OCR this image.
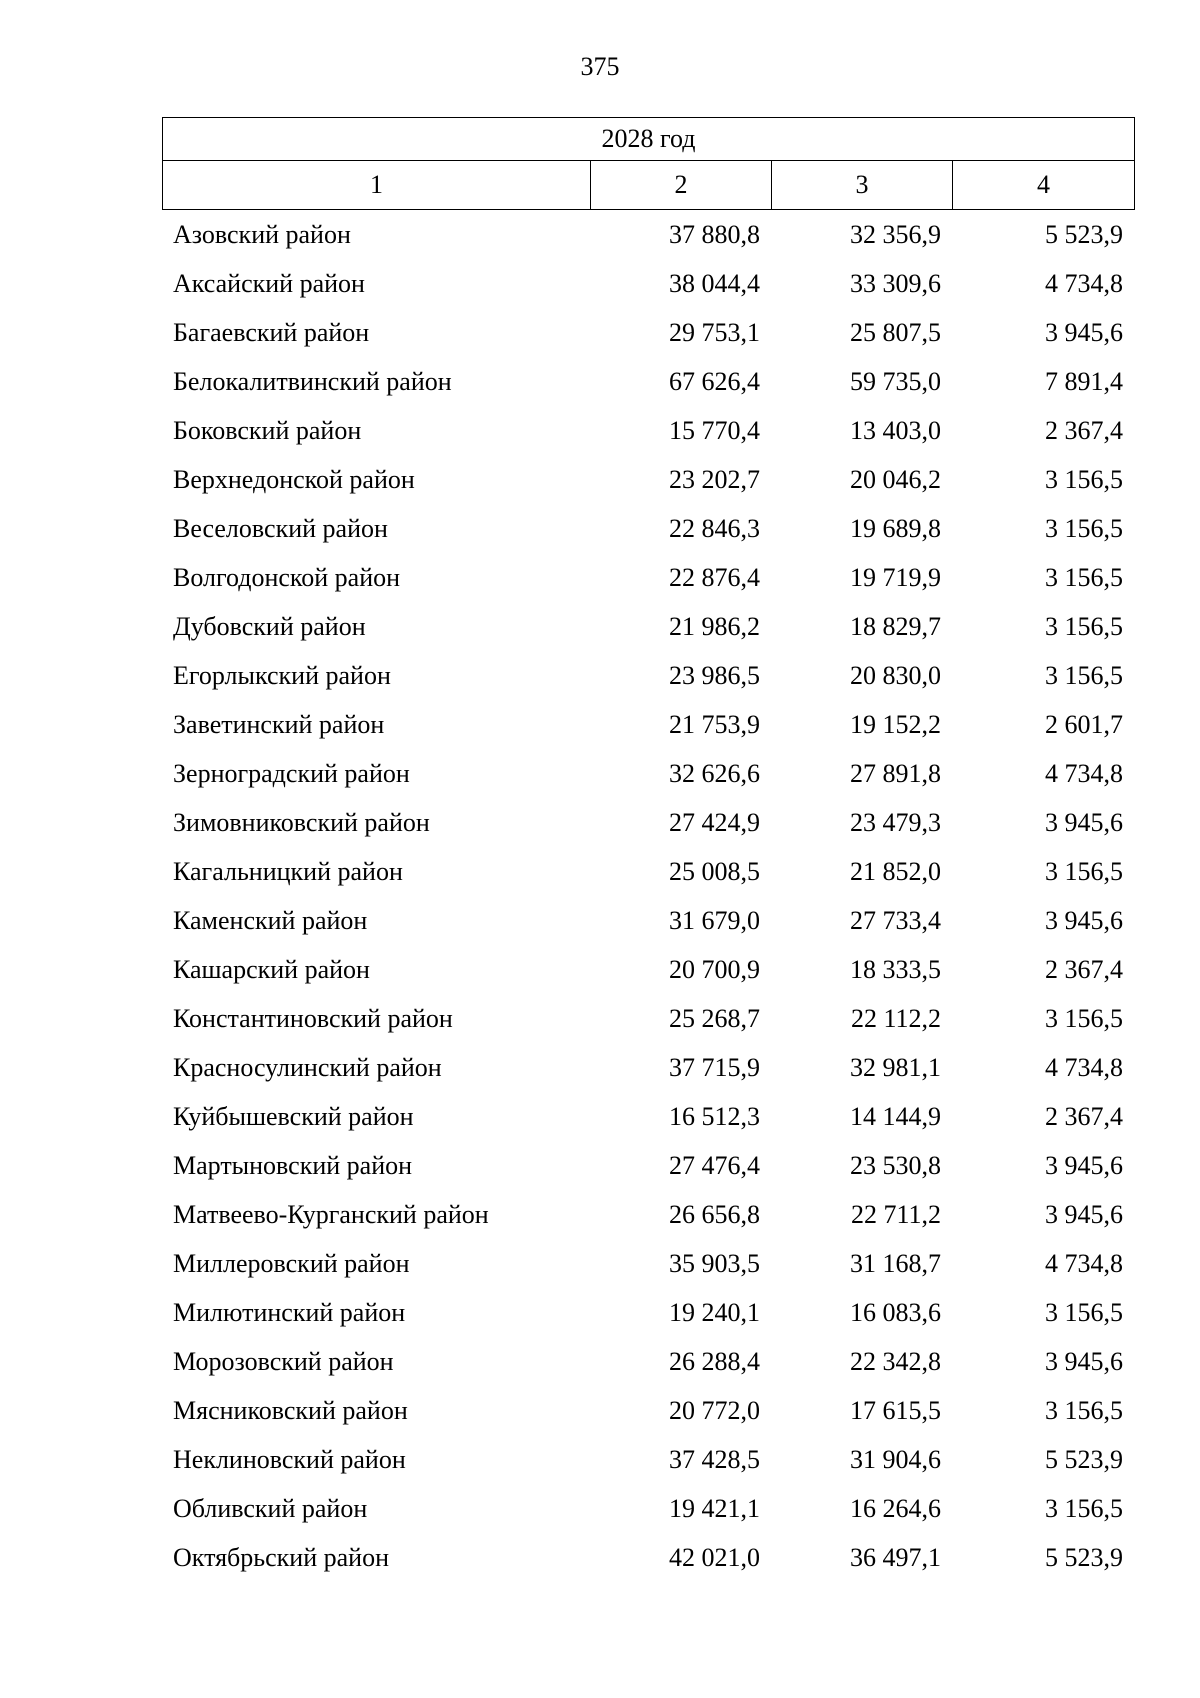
375
2028 год
1	2	3	4
Азовский район	37 880,8	32 356,9	5 523,9
Аксайский район	38 044,4	33 309,6	4 734,8
Багаевский район	29 753,1	25 807,5	3 945,6
Белокалитвинский район	67 626,4	59 735,0	7 891,4
Боковский район	15 770,4	13 403,0	2 367,4
Верхнедонской район	23 202,7	20 046,2	3 156,5
Веселовский район	22 846,3	19 689,8	3 156,5
Волгодонской район	22 876,4	19 719,9	3 156,5
Дубовский район	21 986,2	18 829,7	3 156,5
Егорлыкский район	23 986,5	20 830,0	3 156,5
Заветинский район	21 753,9	19 152,2	2 601,7
Зерноградский район	32 626,6	27 891,8	4 734,8
Зимовниковский район	27 424,9	23 479,3	3 945,6
Кагальницкий район	25 008,5	21 852,0	3 156,5
Каменский район	31 679,0	27 733,4	3 945,6
Кашарский район	20 700,9	18 333,5	2 367,4
Константиновский район	25 268,7	22 112,2	3 156,5
Красносулинский район	37 715,9	32 981,1	4 734,8
Куйбышевский район	16 512,3	14 144,9	2 367,4
Мартыновский район	27 476,4	23 530,8	3 945,6
Матвеево-Курганский район	26 656,8	22 711,2	3 945,6
Миллеровский район	35 903,5	31 168,7	4 734,8
Милютинский район	19 240,1	16 083,6	3 156,5
Морозовский район	26 288,4	22 342,8	3 945,6
Мясниковский район	20 772,0	17 615,5	3 156,5
Неклиновский район	37 428,5	31 904,6	5 523,9
Обливский район	19 421,1	16 264,6	3 156,5
Октябрьский район	42 021,0	36 497,1	5 523,9
